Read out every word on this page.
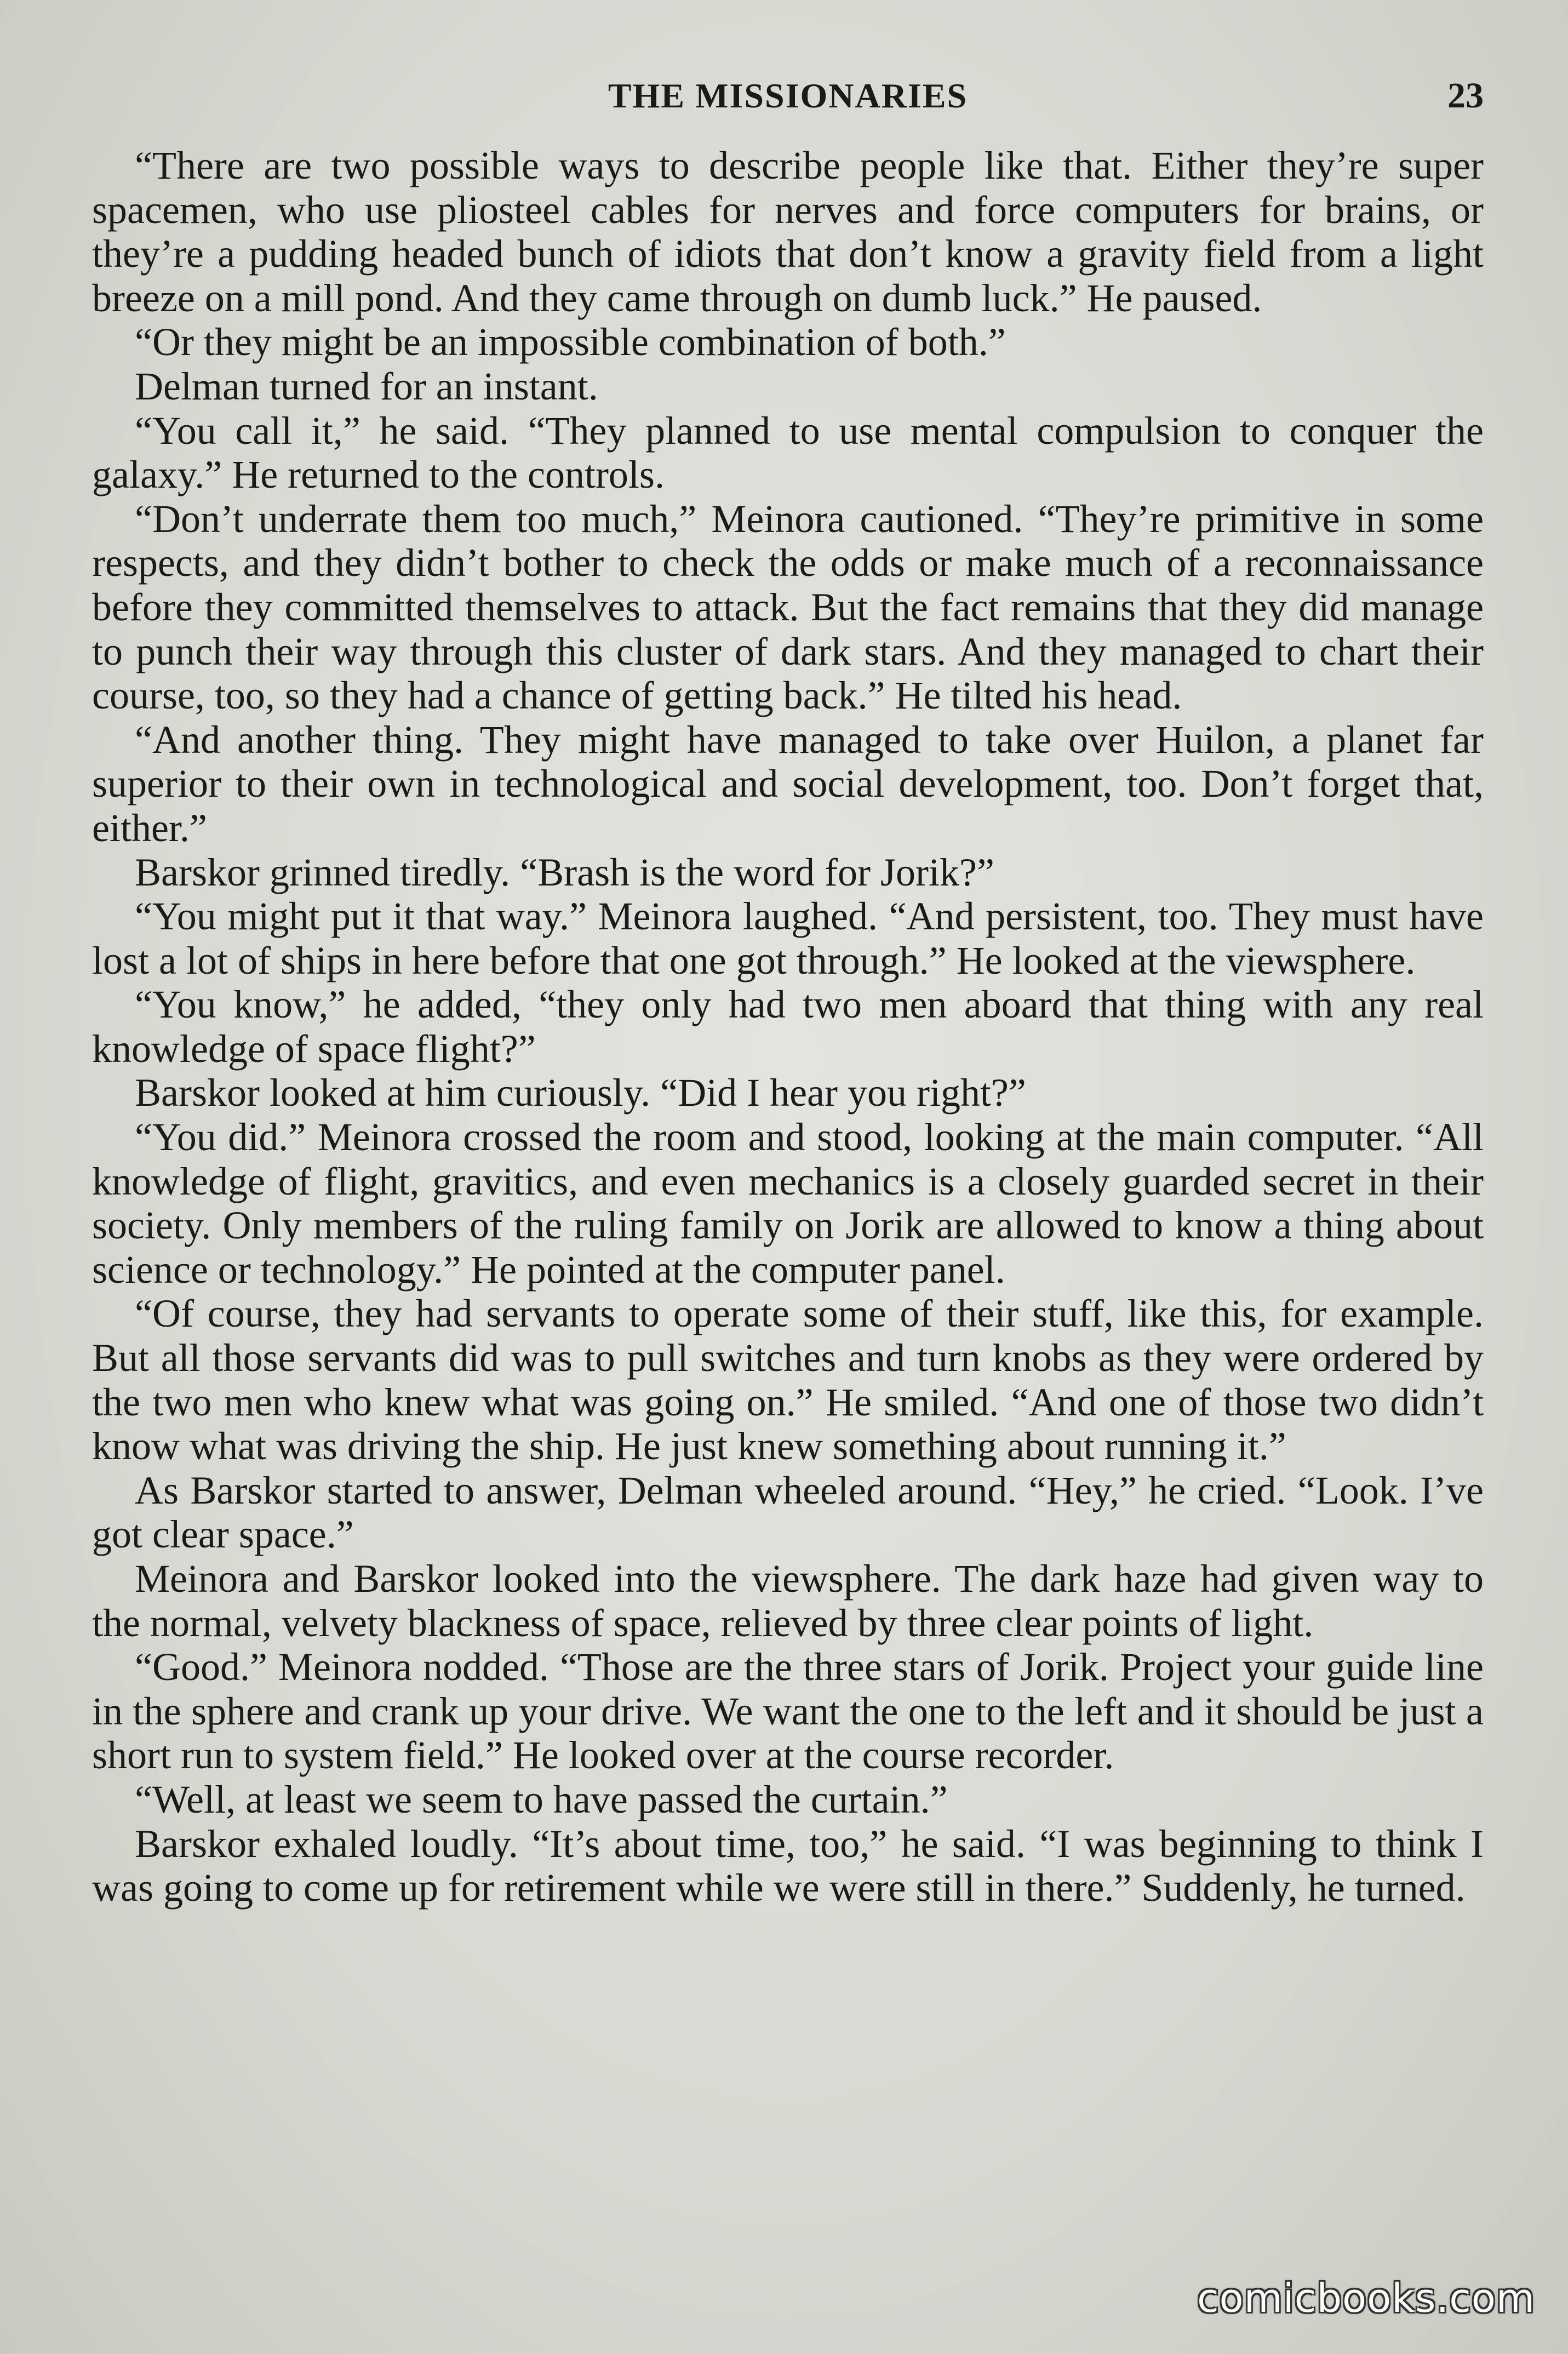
THE MISSIONARIES	23

“There are two possible ways to describe people like that. Either they’re super spacemen, who use pliosteel cables for nerves and force computers for brains, or they’re a pudding headed bunch of idiots that don’t know a gravity field from a light breeze on a mill pond. And they came through on dumb luck.” He paused.

“Or they might be an impossible combination of both.”

Delman turned for an instant.

“You call it,” he said. “They planned to use mental compulsion to conquer the galaxy.” He returned to the controls.

“Don’t underrate them too much,” Meinora cautioned. “They’re primitive in some respects, and they didn’t bother to check the odds or make much of a reconnaissance before they committed themselves to attack. But the fact remains that they did manage to punch their way through this cluster of dark stars. And they managed to chart their course, too, so they had a chance of getting back.” He tilted his head.

“And another thing. They might have managed to take over Huilon, a planet far superior to their own in technological and social development, too. Don’t forget that, either.”

Barskor grinned tiredly. “Brash is the word for Jorik?”

“You might put it that way.” Meinora laughed. “And persistent, too. They must have lost a lot of ships in here before that one got through.” He looked at the viewsphere.

“You know,” he added, “they only had two men aboard that thing with any real knowledge of space flight?”

Barskor looked at him curiously. “Did I hear you right?”

“You did.” Meinora crossed the room and stood, looking at the main computer. “All knowledge of flight, gravitics, and even mechanics is a closely guarded secret in their society. Only members of the ruling family on Jorik are allowed to know a thing about science or technology.” He pointed at the computer panel.

“Of course, they had servants to operate some of their stuff, like this, for example. But all those servants did was to pull switches and turn knobs as they were ordered by the two men who knew what was going on.” He smiled. “And one of those two didn’t know what was driving the ship. He just knew something about running it.”

As Barskor started to answer, Delman wheeled around. “Hey,” he cried. “Look. I’ve got clear space.”

Meinora and Barskor looked into the viewsphere. The dark haze had given way to the normal, velvety blackness of space, relieved by three clear points of light.

“Good.” Meinora nodded. “Those are the three stars of Jorik. Project your guide line in the sphere and crank up your drive. We want the one to the left and it should be just a short run to system field.” He looked over at the course recorder.

“Well, at least we seem to have passed the curtain.”

Barskor exhaled loudly. “It’s about time, too,” he said. “I was beginning to think I was going to come up for retirement while we were still in there.” Suddenly, he turned.

comicbooks.com
